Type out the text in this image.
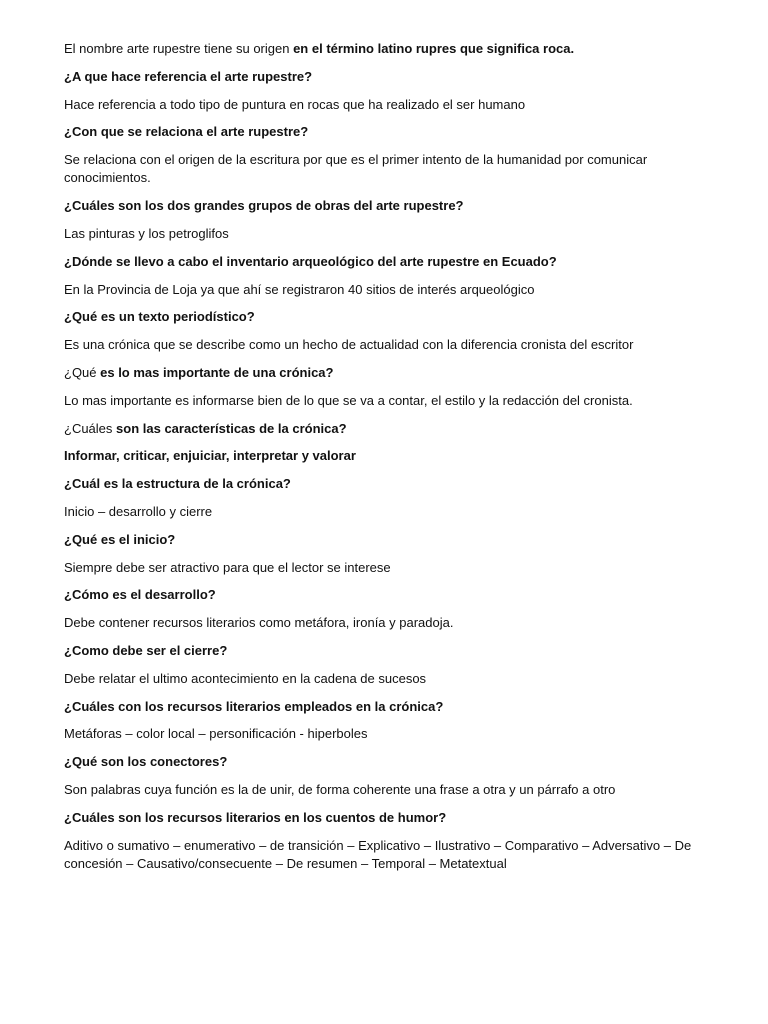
El nombre arte rupestre tiene su origen en el término latino rupres que significa roca.

¿A que hace referencia el arte rupestre?

Hace referencia a todo tipo de puntura en rocas que ha realizado el ser humano

¿Con que se relaciona el arte rupestre?

Se relaciona con el origen de la escritura por que es el primer intento de la humanidad por comunicar conocimientos.

¿Cuáles son los dos grandes grupos de obras del arte rupestre?

Las pinturas y los petroglifos

¿Dónde se llevo a cabo el inventario arqueológico del arte rupestre en Ecuado?

En la Provincia de Loja ya que ahí se registraron 40 sitios de interés arqueológico

¿Qué es un texto periodístico?

Es una crónica que se describe como un hecho de actualidad con la diferencia cronista del escritor

¿Qué es lo mas importante de una crónica?

Lo mas importante es informarse bien de lo que se va a contar, el estilo y la redacción del cronista.

¿Cuáles son las características de la crónica?

Informar, criticar, enjuiciar, interpretar y valorar

¿Cuál es la estructura de la crónica?

Inicio – desarrollo y cierre

¿Qué es el inicio?

Siempre debe ser atractivo para que el lector se interese

¿Cómo es el desarrollo?

Debe contener recursos literarios como metáfora, ironía y paradoja.

¿Como debe ser el cierre?

Debe relatar el ultimo acontecimiento en la cadena de sucesos

¿Cuáles con los recursos literarios empleados en la crónica?

Metáforas – color local – personificación - hiperboles

¿Qué son los conectores?

Son palabras cuya función es la de unir, de forma coherente una frase a otra y un párrafo a otro

¿Cuáles son los recursos literarios en los cuentos de humor?

Aditivo o sumativo – enumerativo – de transición – Explicativo – Ilustrativo – Comparativo – Adversativo – De concesión – Causativo/consecuente – De resumen – Temporal – Metatextual
